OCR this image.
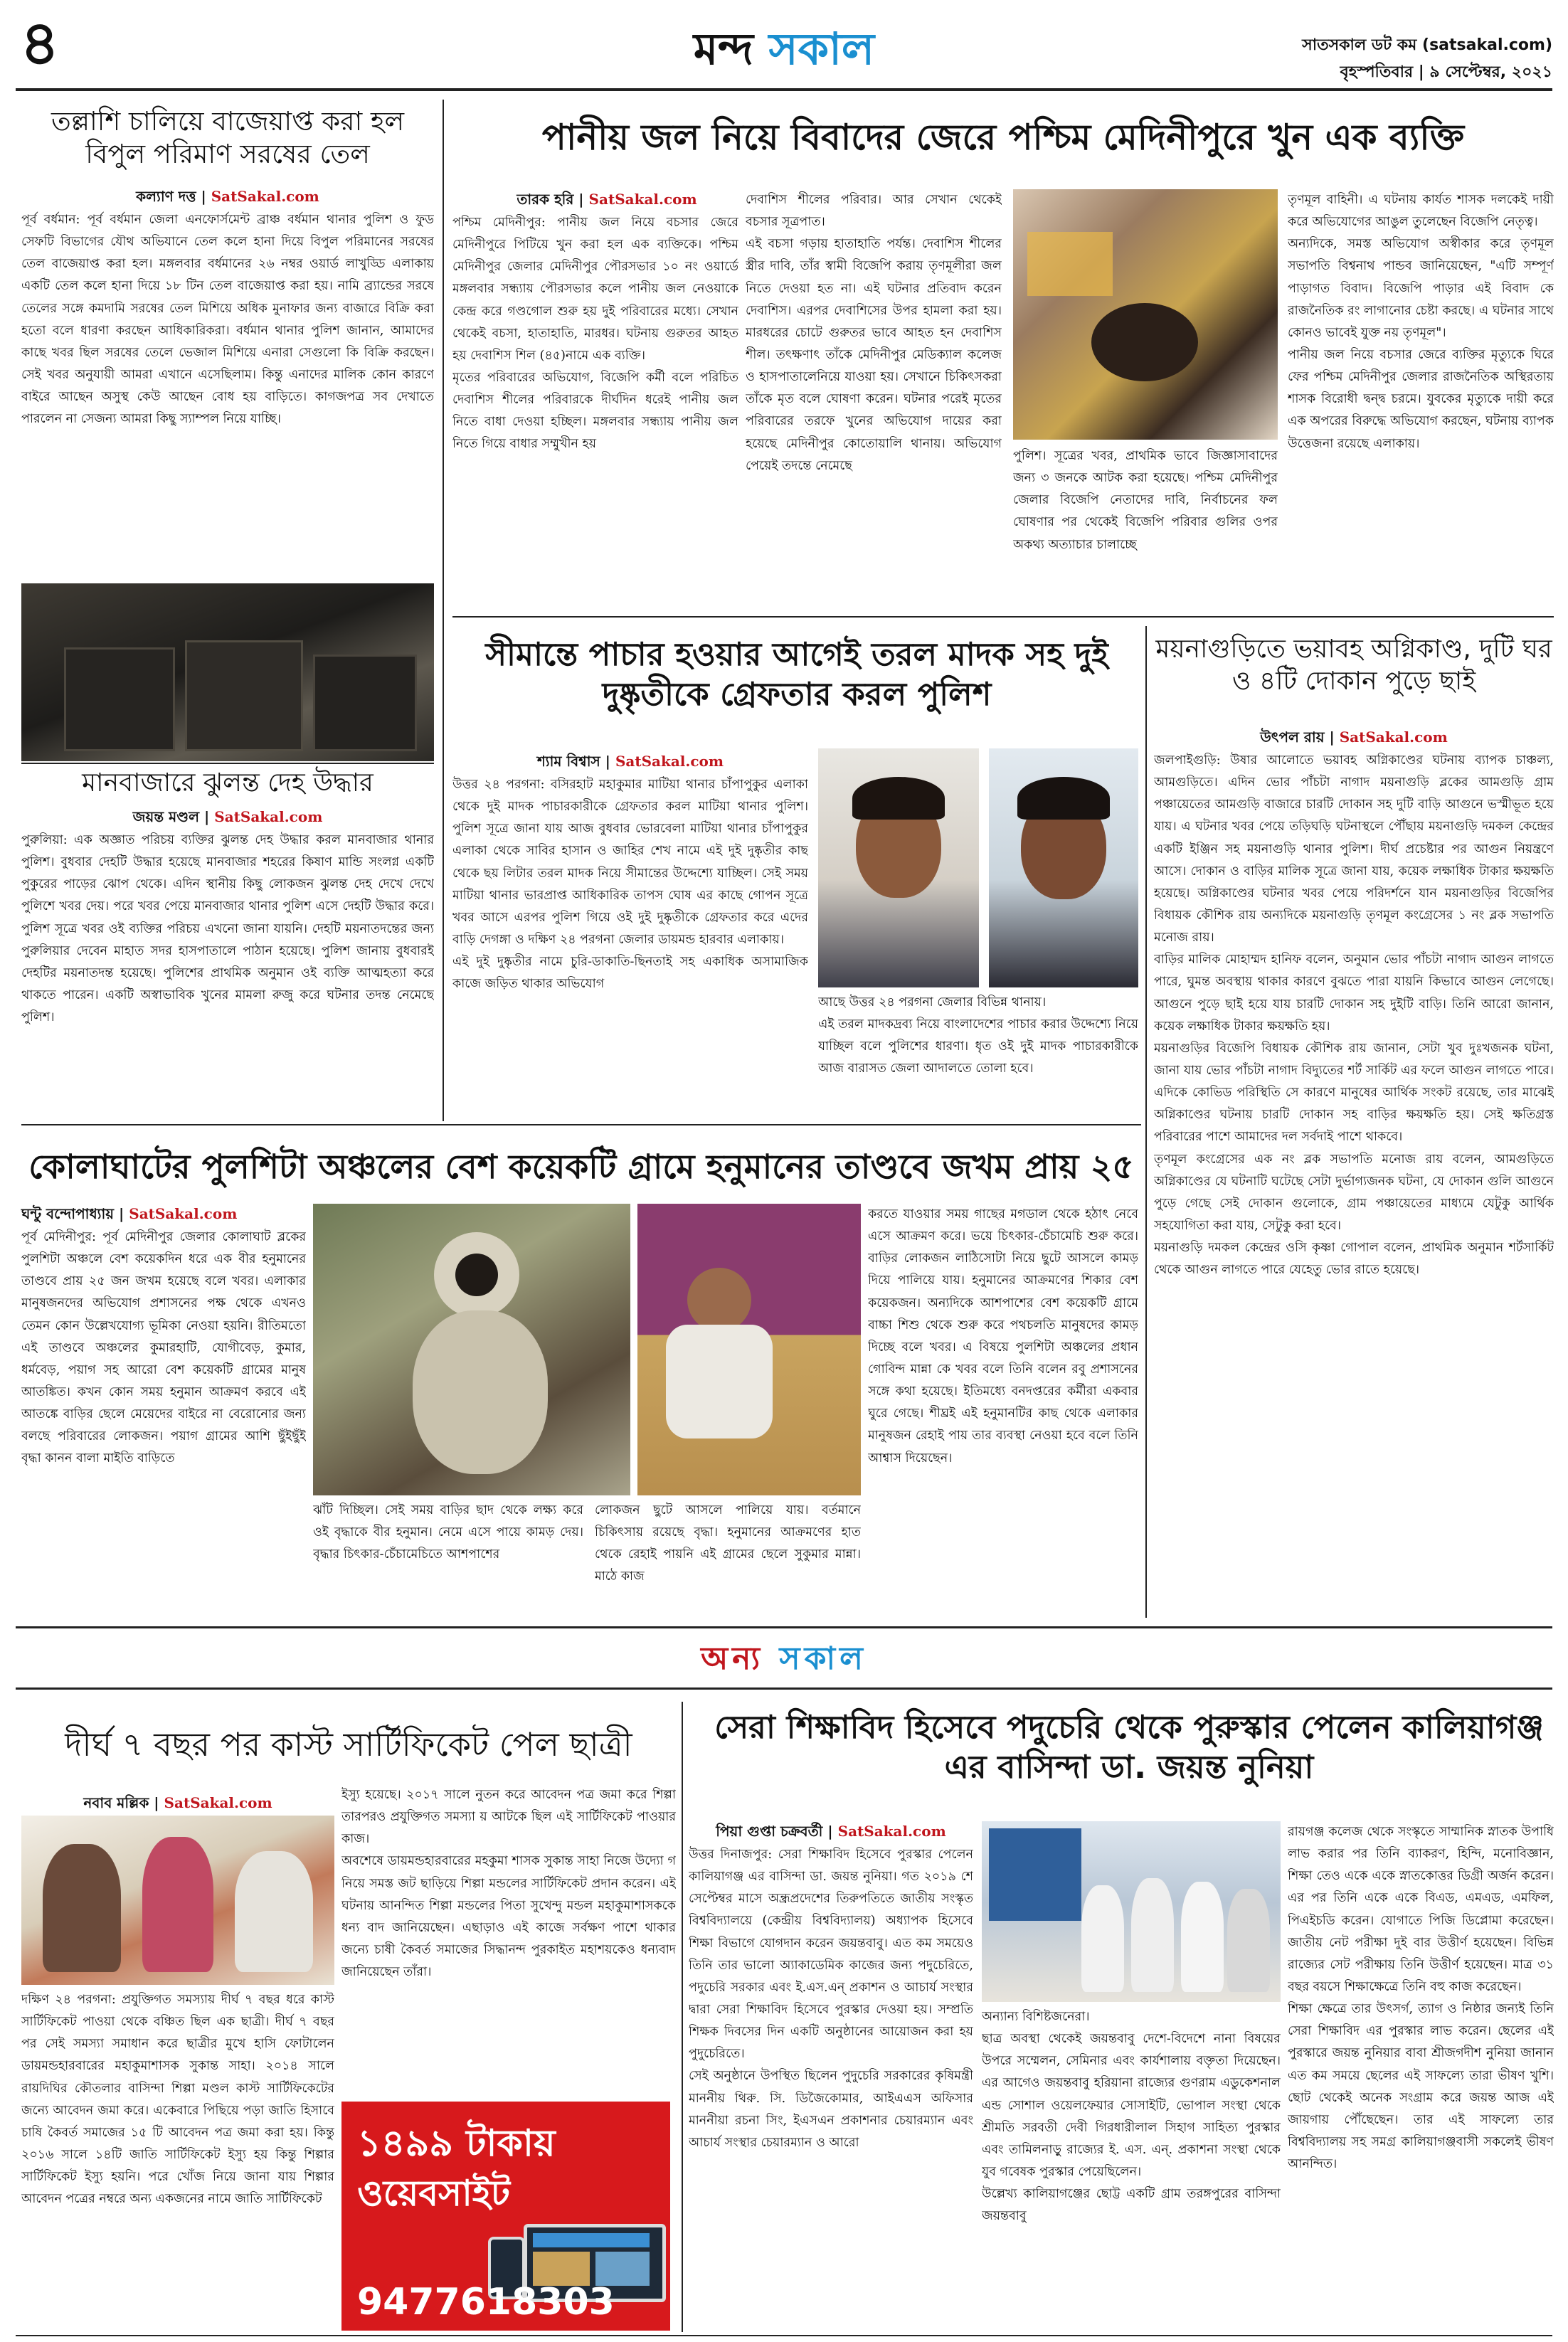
৪	মন্দ সকাল	সাতসকাল ডট কম (satsakal.com)
বৃহস্পতিবার | ৯ সেপ্টেম্বর, ২০২১
তল্লাশি চালিয়ে বাজেয়াপ্ত করা হল বিপুল পরিমাণ সরষের তেল
কল্যাণ দত্ত | SatSakal.com
পূর্ব বর্ধমান: পূর্ব বর্ধমান জেলা এনফোর্সমেন্ট ব্রাঞ্চ বর্ধমান থানার পুলিশ ও ফুড সেফটি বিভাগের যৌথ অভিযানে তেল কলে হানা দিয়ে বিপুল পরিমানের সরষের তেল বাজেয়াপ্ত করা হল। মঙ্গলবার বর্ধমানের ২৬ নম্বর ওয়ার্ড লাখুড্ডি এলাকায় একটি তেল কলে হানা দিয়ে ১৮ টিন তেল বাজেয়াপ্ত করা হয়। নামি ব্র্যান্ডের সরষে তেলের সঙ্গে কমদামি সরষের তেল মিশিয়ে অধিক মুনাফার জন্য বাজারে বিক্রি করা হতো বলে ধারণা করছেন আধিকারিকরা। বর্ধমান থানার পুলিশ জানান, আমাদের কাছে খবর ছিল সরষের তেলে ভেজাল মিশিয়ে এনারা সেগুলো কি বিক্রি করছেন। সেই খবর অনুযায়ী আমরা এখানে এসেছিলাম। কিন্তু এনাদের মালিক কোন কারণে বাইরে আছেন অসুস্থ কেউ আছেন বোধ হয় বাড়িতে। কাগজপত্র সব দেখাতে পারলেন না সেজন্য আমরা কিছু স্যাম্পল নিয়ে যাচ্ছি।
মানবাজারে ঝুলন্ত দেহ উদ্ধার
জয়ন্ত মণ্ডল | SatSakal.com
পুরুলিয়া: এক অজ্ঞাত পরিচয় ব্যক্তির ঝুলন্ত দেহ উদ্ধার করল মানবাজার থানার পুলিশ। বুধবার দেহটি উদ্ধার হয়েছে মানবাজার শহরের কিষাণ মান্ডি সংলগ্ন একটি পুকুরের পাড়ের ঝোপ থেকে। এদিন স্থানীয় কিছু লোকজন ঝুলন্ত দেহ দেখে দেখে পুলিশে খবর দেয়। পরে খবর পেয়ে মানবাজার থানার পুলিশ এসে দেহটি উদ্ধার করে। পুলিশ সূত্রে খবর ওই ব্যক্তির পরিচয় এখনো জানা যায়নি। দেহটি ময়নাতদন্তের জন্য পুরুলিয়ার দেবেন মাহাত সদর হাসপাতালে পাঠান হয়েছে। পুলিশ জানায় বুধবারই দেহটির ময়নাতদন্ত হয়েছে। পুলিশের প্রাথমিক অনুমান ওই ব্যক্তি আত্মহত্যা করে থাকতে পারেন। একটি অস্বাভাবিক খুনের মামলা রুজু করে ঘটনার তদন্ত নেমেছে পুলিশ।
পানীয় জল নিয়ে বিবাদের জেরে পশ্চিম মেদিনীপুরে খুন এক ব্যক্তি
তারক হরি | SatSakal.com
পশ্চিম মেদিনীপুর: পানীয় জল নিয়ে বচসার জেরে মেদিনীপুরে পিটিয়ে খুন করা হল এক ব্যক্তিকে। পশ্চিম মেদিনীপুর জেলার মেদিনীপুর পৌরসভার ১০ নং ওয়ার্ডে মঙ্গলবার সন্ধ্যায় পৌরসভার কলে পানীয় জল নেওয়াকে কেন্দ্র করে গণ্ডগোল শুরু হয় দুই পরিবারের মধ্যে। সেখান থেকেই বচসা, হাতাহাতি, মারধর। ঘটনায় গুরুতর আহত হয় দেবাশিস শিল (৪৫)নামে এক ব্যক্তি।
মৃতের পরিবারের অভিযোগ, বিজেপি কর্মী বলে পরিচিত দেবাশিস শীলের পরিবারকে দীর্ঘদিন ধরেই পানীয় জল নিতে বাধা দেওয়া হচ্ছিল। মঙ্গলবার সন্ধ্যায় পানীয় জল নিতে গিয়ে বাধার সম্মুখীন হয়
দেবাশিস শীলের পরিবার। আর সেখান থেকেই বচসার সূত্রপাত।
এই বচসা গড়ায় হাতাহাতি পর্যন্ত। দেবাশিস শীলের স্ত্রীর দাবি, তাঁর স্বামী বিজেপি করায় তৃণমূলীরা জল নিতে দেওয়া হত না। এই ঘটনার প্রতিবাদ করেন দেবাশিস। এরপর দেবাশিসের উপর হামলা করা হয়। মারধরের চোটে গুরুতর ভাবে আহত হন দেবাশিস শীল। তৎক্ষণাৎ তাঁকে মেদিনীপুর মেডিক্যাল কলেজ ও হাসপাতালেনিয়ে যাওয়া হয়। সেখানে চিকিৎসকরা তাঁকে মৃত বলে ঘোষণা করেন। ঘটনার পরেই মৃতের পরিবারের তরফে খুনের অভিযোগ দায়ের করা হয়েছে মেদিনীপুর কোতোয়ালি থানায়। অভিযোগ পেয়েই তদন্তে নেমেছে
পুলিশ। সূত্রের খবর, প্রাথমিক ভাবে জিজ্ঞাসাবাদের জন্য ৩ জনকে আটক করা হয়েছে। পশ্চিম মেদিনীপুর জেলার বিজেপি নেতাদের দাবি, নির্বাচনের ফল ঘোষণার পর থেকেই বিজেপি পরিবার গুলির ওপর অকথ্য অত্যাচার চালাচ্ছে
তৃণমূল বাহিনী। এ ঘটনায় কার্যত শাসক দলকেই দায়ী করে অভিযোগের আঙুল তুলেছেন বিজেপি নেতৃত্ব।
অন্যদিকে, সমস্ত অভিযোগ অস্বীকার করে তৃণমূল সভাপতি বিশ্বনাথ পান্ডব জানিয়েছেন, "এটি সম্পূর্ণ পাড়াগত বিবাদ। বিজেপি পাড়ার এই বিবাদ কে রাজনৈতিক রং লাগানোর চেষ্টা করছে। এ ঘটনার সাথে কোনও ভাবেই যুক্ত নয় তৃণমূল"।
পানীয় জল নিয়ে বচসার জেরে ব্যক্তির মৃত্যুকে ঘিরে ফের পশ্চিম মেদিনীপুর জেলার রাজনৈতিক অস্থিরতায় শাসক বিরোধী দ্বন্দ্ব চরমে। যুবকের মৃত্যুকে দায়ী করে এক অপরের বিরুদ্ধে অভিযোগ করছেন, ঘটনায় ব্যাপক উত্তেজনা রয়েছে এলাকায়।
সীমান্তে পাচার হওয়ার আগেই তরল মাদক সহ দুই দুষ্কৃতীকে গ্রেফতার করল পুলিশ
শ্যাম বিশ্বাস | SatSakal.com
উত্তর ২৪ পরগনা: বসিরহাট মহাকুমার মাটিয়া থানার চাঁপাপুকুর এলাকা থেকে দুই মাদক পাচারকারীকে গ্রেফতার করল মাটিয়া থানার পুলিশ। পুলিশ সূত্রে জানা যায় আজ বুধবার ভোরবেলা মাটিয়া থানার চাঁপাপুকুর এলাকা থেকে সাবির হাসান ও জাহির শেখ নামে এই দুই দুষ্কৃতীর কাছ থেকে ছয় লিটার তরল মাদক নিয়ে সীমান্তের উদ্দেশ্যে যাচ্ছিল। সেই সময় মাটিয়া থানার ভারপ্রাপ্ত আধিকারিক তাপস ঘোষ এর কাছে গোপন সূত্রে খবর আসে এরপর পুলিশ গিয়ে ওই দুই দুষ্কৃতীকে গ্রেফতার করে এদের বাড়ি দেগঙ্গা ও দক্ষিণ ২৪ পরগনা জেলার ডায়মন্ড হারবার এলাকায়।
এই দুই দুষ্কৃতীর নামে চুরি-ডাকাতি-ছিনতাই সহ একাধিক অসামাজিক কাজে জড়িত থাকার অভিযোগ
আছে উত্তর ২৪ পরগনা জেলার বিভিন্ন থানায়।
এই তরল মাদকদ্রব্য নিয়ে বাংলাদেশের পাচার করার উদ্দেশ্যে নিয়ে যাচ্ছিল বলে পুলিশের ধারণা। ধৃত ওই দুই মাদক পাচারকারীকে আজ বারাসত জেলা আদালতে তোলা হবে।
ময়নাগুড়িতে ভয়াবহ অগ্নিকাণ্ড, দুটি ঘর ও ৪টি দোকান পুড়ে ছাই
উৎপল রায় | SatSakal.com
জলপাইগুড়ি: উষার আলোতে ভয়াবহ অগ্নিকাণ্ডের ঘটনায় ব্যাপক চাঞ্চল্য, আমগুড়িতে। এদিন ভোর পাঁচটা নাগাদ ময়নাগুড়ি ব্লকের আমগুড়ি গ্রাম পঞ্চায়েতের আমগুড়ি বাজারে চারটি দোকান সহ দুটি বাড়ি আগুনে ভস্মীভূত হয়ে যায়। এ ঘটনার খবর পেয়ে তড়িঘড়ি ঘটনাস্থলে পৌঁছায় ময়নাগুড়ি দমকল কেন্দ্রের একটি ইঞ্জিন সহ ময়নাগুড়ি থানার পুলিশ। দীর্ঘ প্রচেষ্টার পর আগুন নিয়ন্ত্রণে আসে। দোকান ও বাড়ির মালিক সূত্রে জানা যায়, কয়েক লক্ষাধিক টাকার ক্ষয়ক্ষতি হয়েছে। অগ্নিকাণ্ডের ঘটনার খবর পেয়ে পরিদর্শনে যান ময়নাগুড়ির বিজেপির বিধায়ক কৌশিক রায় অন্যদিকে ময়নাগুড়ি তৃণমূল কংগ্রেসের ১ নং ব্লক সভাপতি মনোজ রায়।
বাড়ির মালিক মোহাম্মদ হানিফ বলেন, অনুমান ভোর পাঁচটা নাগাদ আগুন লাগতে পারে, ঘুমন্ত অবস্থায় থাকার কারণে বুঝতে পারা যায়নি কিভাবে আগুন লেগেছে। আগুনে পুড়ে ছাই হয়ে যায় চারটি দোকান সহ দুইটি বাড়ি। তিনি আরো জানান, কয়েক লক্ষাধিক টাকার ক্ষয়ক্ষতি হয়।
ময়নাগুড়ির বিজেপি বিধায়ক কৌশিক রায় জানান, সেটা খুব দুঃখজনক ঘটনা, জানা যায় ভোর পাঁচটা নাগাদ বিদ্যুতের শর্ট সার্কিট এর ফলে আগুন লাগতে পারে। এদিকে কোভিড পরিস্থিতি সে কারণে মানুষের আর্থিক সংকট রয়েছে, তার মাঝেই অগ্নিকাণ্ডের ঘটনায় চারটি দোকান সহ বাড়ির ক্ষয়ক্ষতি হয়। সেই ক্ষতিগ্রস্ত পরিবারের পাশে আমাদের দল সর্বদাই পাশে থাকবে।
তৃণমূল কংগ্রেসের এক নং ব্লক সভাপতি মনোজ রায় বলেন, আমগুড়িতে অগ্নিকাণ্ডের যে ঘটনাটি ঘটেছে সেটা দুর্ভাগ্যজনক ঘটনা, যে দোকান গুলি আগুনে পুড়ে গেছে সেই দোকান গুলোকে, গ্রাম পঞ্চায়েতের মাধ্যমে যেটুকু আর্থিক সহযোগিতা করা যায়, সেটুকু করা হবে।
ময়নাগুড়ি দমকল কেন্দ্রের ওসি কৃষ্ণা গোপাল বলেন, প্রাথমিক অনুমান শর্টসার্কিট থেকে আগুন লাগতে পারে যেহেতু ভোর রাতে হয়েছে।
কোলাঘাটের পুলশিটা অঞ্চলের বেশ কয়েকটি গ্রামে হনুমানের তাণ্ডবে জখম প্রায় ২৫
ঘন্টু বন্দোপাধ্যায় | SatSakal.com
পূর্ব মেদিনীপুর: পূর্ব মেদিনীপুর জেলার কোলাঘাট ব্লকের পুলশিটা অঞ্চলে বেশ কয়েকদিন ধরে এক বীর হনুমানের তাণ্ডবে প্রায় ২৫ জন জখম হয়েছে বলে খবর। এলাকার মানুষজনদের অভিযোগ প্রশাসনের পক্ষ থেকে এখনও তেমন কোন উল্লেখযোগ্য ভূমিকা নেওয়া হয়নি। রীতিমতো এই তাণ্ডবে অঞ্চলের কুমারহাটি, যোগীবেড়, কুমার, ধর্মবেড়, পয়াগ সহ আরো বেশ কয়েকটি গ্রামের মানুষ আতঙ্কিত। কখন কোন সময় হনুমান আক্রমণ করবে এই আতঙ্কে বাড়ির ছেলে মেয়েদের বাইরে না বেরোনোর জন্য বলছে পরিবারের লোকজন। পয়াগ গ্রামের আশি ছুঁইছুঁই বৃদ্ধা কানন বালা মাইতি বাড়িতে
ঝাঁট দিচ্ছিল। সেই সময় বাড়ির ছাদ থেকে লক্ষ্য করে ওই বৃদ্ধাকে বীর হনুমান। নেমে এসে পায়ে কামড় দেয়। বৃদ্ধার চিৎকার-চেঁচামেচিতে আশপাশের
লোকজন ছুটে আসলে পালিয়ে যায়। বর্তমানে চিকিৎসায় রয়েছে বৃদ্ধা। হনুমানের আক্রমণের হাত থেকে রেহাই পায়নি এই গ্রামের ছেলে সুকুমার মান্না। মাঠে কাজ
করতে যাওয়ার সময় গাছের মগডাল থেকে হঠাৎ নেবে এসে আক্রমণ করে। ভয়ে চিৎকার-চেঁচামেচি শুরু করে। বাড়ির লোকজন লাঠিসোটা নিয়ে ছুটে আসলে কামড় দিয়ে পালিয়ে যায়। হনুমানের আক্রমণের শিকার বেশ কয়েকজন। অন্যদিকে আশপাশের বেশ কয়েকটি গ্রামে বাচ্চা শিশু থেকে শুরু করে পথচলতি মানুষদের কামড় দিচ্ছে বলে খবর। এ বিষয়ে পুলশিটা অঞ্চলের প্রধান গোবিন্দ মান্না কে খবর বলে তিনি বলেন রবু প্রশাসনের সঙ্গে কথা হয়েছে। ইতিমধ্যে বনদপ্তরের কর্মীরা একবার ঘুরে গেছে। শীঘ্রই এই হনুমানটির কাছ থেকে এলাকার মানুষজন রেহাই পায় তার ব্যবস্থা নেওয়া হবে বলে তিনি আশ্বাস দিয়েছেন।
অন্য সকাল
দীর্ঘ ৭ বছর পর কাস্ট সার্টিফিকেট পেল ছাত্রী
নবাব মল্লিক | SatSakal.com
দক্ষিণ ২৪ পরগনা: প্রযুক্তিগত সমস্যায় দীর্ঘ ৭ বছর ধরে কাস্ট সার্টিফিকেট পাওয়া থেকে বঞ্চিত ছিল এক ছাত্রী। দীর্ঘ ৭ বছর পর সেই সমস্যা সমাধান করে ছাত্রীর মুখে হাসি ফোটালেন ডায়মন্ডহারবারের মহাকুমাশাসক সুকান্ত সাহা। ২০১৪ সালে রায়দিঘির কৌতলার বাসিন্দা শিল্পা মণ্ডল কাস্ট সার্টিফিকেটের জন্যে আবেদন জমা করে। একেবারে পিছিয়ে পড়া জাতি হিসাবে চাষি কৈবর্ত সমাজের ১৫ টি আবেদন পত্র জমা করা হয়। কিন্তু ২০১৬ সালে ১৪টি জাতি সার্টিফিকেট ইস্যু হয় কিন্তু শিল্পার সার্টিফিকেট ইস্যু হয়নি। পরে খোঁজ নিয়ে জানা যায় শিল্পার আবেদন পত্রের নম্বরে অন্য একজনের নামে জাতি সার্টিফিকেট
ইস্যু হয়েছে। ২০১৭ সালে নুতন করে আবেদন পত্র জমা করে শিল্পা তারপরও প্রযুক্তিগত সমস্যা য় আটকে ছিল এই সার্টিফিকেট পাওয়ার কাজ।
অবশেষে ডায়মন্ডহারবারের মহকুমা শাসক সুকান্ত সাহা নিজে উদ্যো গ নিয়ে সমস্ত জট ছাড়িয়ে শিল্পা মন্ডলের সার্টিফিকেট প্রদান করেন। এই ঘটনায় আনন্দিত শিল্পা মন্ডলের পিতা সুখেন্দু মন্ডল মহাকুমাশাসককে ধন্য বাদ জানিয়েছেন। এছাড়াও এই কাজে সর্বক্ষণ পাশে থাকার জন্যে চাষী কৈবর্ত সমাজের সিদ্ধানন্দ পুরকাইত মহাশয়কেও ধন্যবাদ জানিয়েছেন তাঁরা।
১৪৯৯ টাকায়
ওয়েবসাইট
9477618303
সেরা শিক্ষাবিদ হিসেবে পদুচেরি থেকে পুরুস্কার পেলেন কালিয়াগঞ্জ এর বাসিন্দা ডা. জয়ন্ত নুনিয়া
পিয়া গুপ্তা চক্রবর্তী | SatSakal.com
উত্তর দিনাজপুর: সেরা শিক্ষাবিদ হিসেবে পুরস্কার পেলেন কালিয়াগঞ্জ এর বাসিন্দা ডা. জয়ন্ত নুনিয়া। গত ২০১৯ শে সেপ্টেম্বর মাসে অন্ধ্রপ্রদেশের তিরুপতিতে জাতীয় সংস্কৃত বিশ্ববিদ্যালয়ে (কেন্দ্রীয় বিশ্ববিদ্যালয়) অধ্যাপক হিসেবে শিক্ষা বিভাগে যোগদান করেন জয়ন্তবাবু। এত কম সময়েও তিনি তার ভালো অ্যাকাডেমিক কাজের জন্য পদুচেরিতে, পদুচেরি সরকার এবং ই.এস.এন্ প্রকাশন ও আচার্য সংস্থার দ্বারা সেরা শিক্ষাবিদ হিসেবে পুরস্কার দেওয়া হয়। সম্প্রতি শিক্ষক দিবসের দিন একটি অনুষ্ঠানের আয়োজন করা হয় পুদুচেরিতে।
সেই অনুষ্ঠানে উপস্থিত ছিলেন পুদুচেরি সরকারের কৃষিমন্ত্রী মাননীয় থিরু. সি. ডিজৈকোমার, আইএএস অফিসার মাননীয়া রচনা সিং, ইএসএন প্রকাশনার চেয়ারম্যান এবং আচার্য সংস্থার চেয়ারম্যান ও আরো
অন্যান্য বিশিষ্টজনেরা।
ছাত্র অবস্থা থেকেই জয়ন্তবাবু দেশে-বিদেশে নানা বিষয়ের উপরে সম্মেলন, সেমিনার এবং কার্যশালায় বক্তৃতা দিয়েছেন। এর আগেও জয়ন্তবাবু হরিয়ানা রাজ্যের গুণরাম এডুকেশনাল এন্ড সোশাল ওয়েলফেয়ার সোসাইটি, ভোপাল সংস্থা থেকে শ্রীমতি সরবতী দেবী গিরধারীলাল সিহাগ সাহিত্য পুরস্কার এবং তামিলনাড়ু রাজ্যের ই. এস. এন্. প্রকাশনা সংস্থা থেকে যুব গবেষক পুরস্কার পেয়েছিলেন।
উল্লেখ্য কালিয়াগঞ্জের ছোট্ট একটি গ্রাম তরঙ্গপুরের বাসিন্দা জয়ন্তবাবু
রায়গঞ্জ কলেজ থেকে সংস্কৃতে সাম্মানিক স্নাতক উপাধি লাভ করার পর তিনি ব্যাকরণ, হিন্দি, মনোবিজ্ঞান, শিক্ষা তেও একে একে স্নাতকোত্তর ডিগ্রী অর্জন করেন। এর পর তিনি একে একে বিএড, এমএড, এমফিল, পিএইচডি করেন। যোগাতে পিজি ডিপ্লোমা করেছেন। জাতীয় নেট পরীক্ষা দুই বার উত্তীর্ণ হয়েছেন। বিভিন্ন রাজ্যের সেট পরীক্ষায় তিনি উত্তীর্ণ হয়েছেন। মাত্র ৩১ বছর বয়সে শিক্ষাক্ষেত্রে তিনি বহু কাজ করেছেন।
শিক্ষা ক্ষেত্রে তার উৎসর্গ, ত্যাগ ও নিষ্ঠার জন্যই তিনি সেরা শিক্ষাবিদ এর পুরস্কার লাভ করেন। ছেলের এই পুরস্কারে জয়ন্ত নুনিয়ার বাবা শ্রীজগদীশ নুনিয়া জানান এত কম সময়ে ছেলের এই সাফল্যে তারা ভীষণ খুশি। ছোট থেকেই অনেক সংগ্রাম করে জয়ন্ত আজ এই জায়গায় পৌঁছেছেন। তার এই সাফল্যে তার বিশ্ববিদ্যালয় সহ সমগ্র কালিয়াগঞ্জবাসী সকলেই ভীষণ আনন্দিত।
